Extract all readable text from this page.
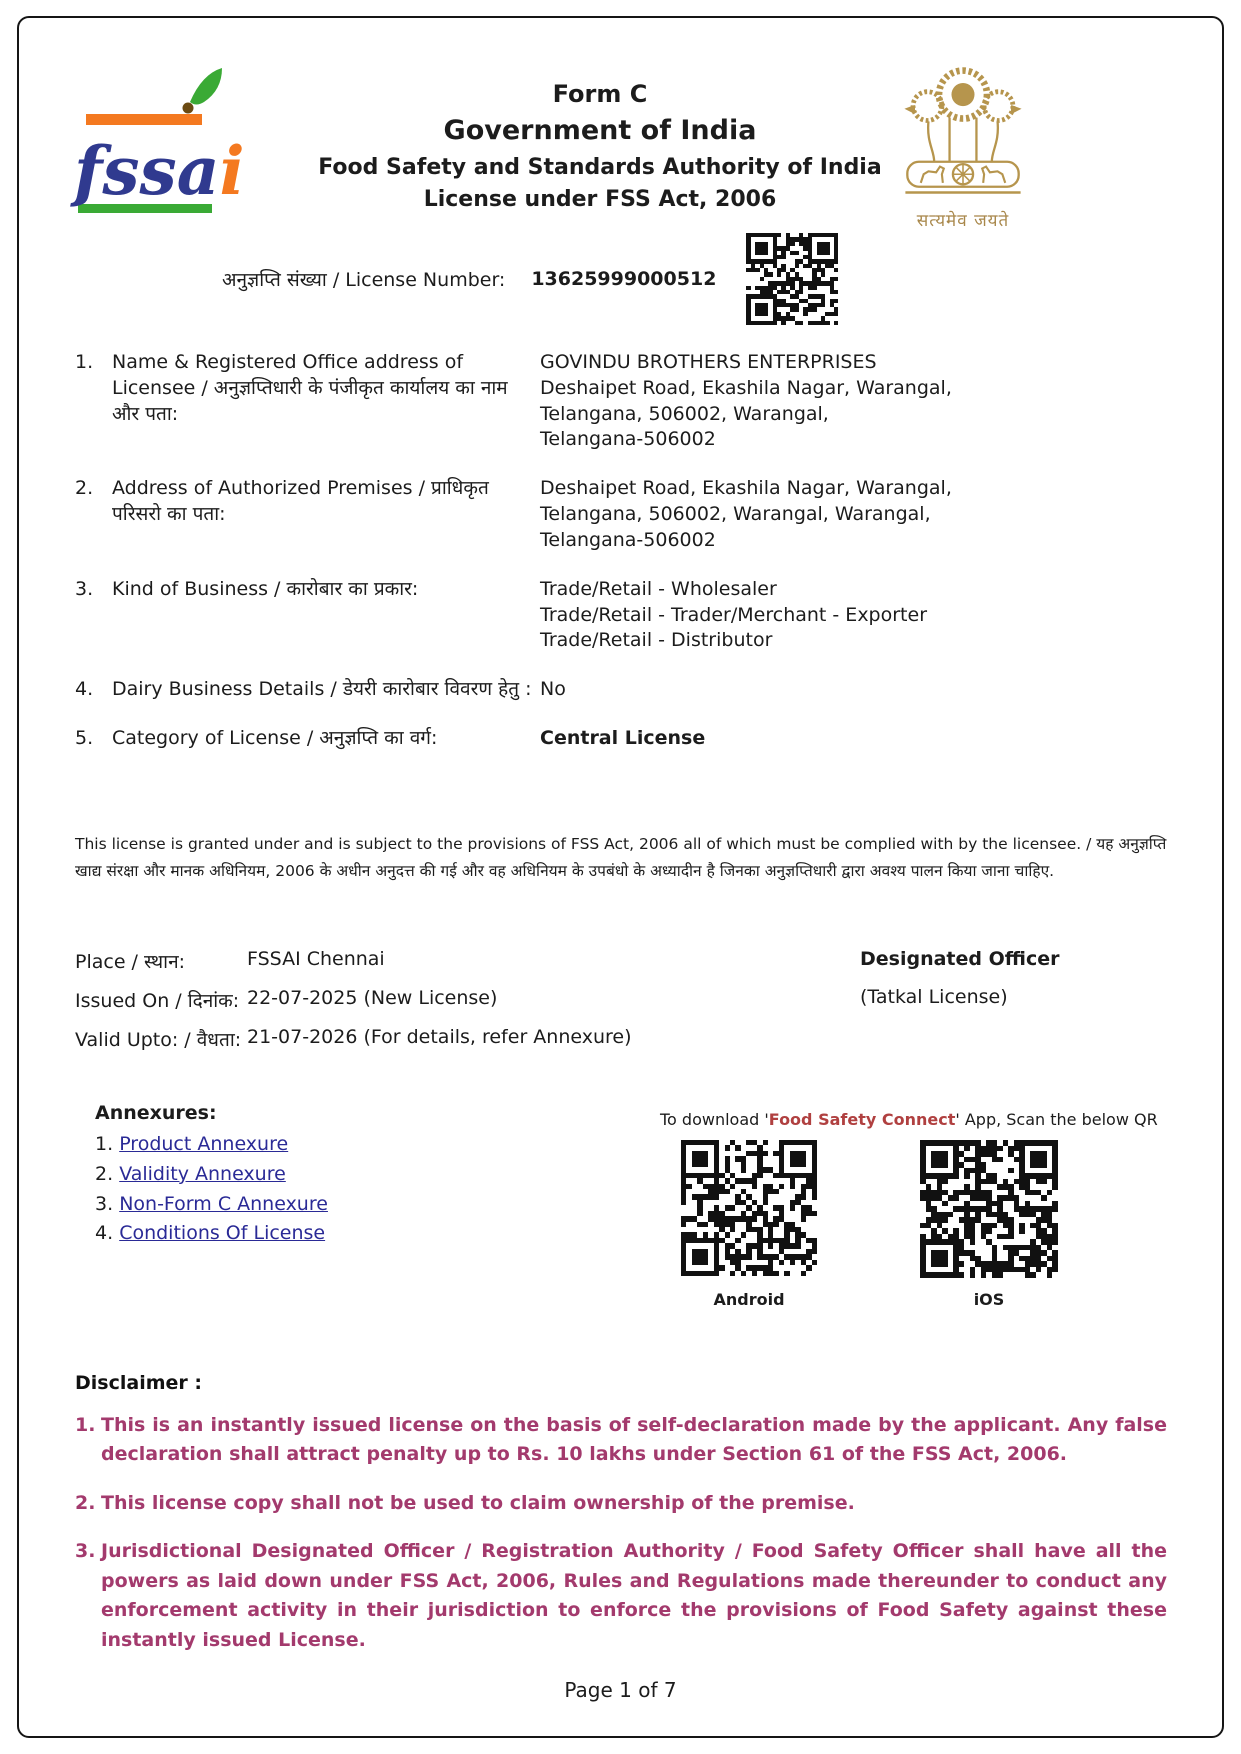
fssai
Form C
Government of India
Food Safety and Standards Authority of India
License under FSS Act, 2006
सत्यमेव जयते
अनुज्ञप्ति संख्या / License Number: 13625999000512
Name & Registered Office address of Licensee / अनुज्ञप्तिधारी के पंजीकृत कार्यालय का नाम और पता:
GOVINDU BROTHERS ENTERPRISES
Deshaipet Road, Ekashila Nagar, Warangal,
Telangana, 506002, Warangal,
Telangana-506002
Address of Authorized Premises / प्राधिकृत परिसरो का पता:
Deshaipet Road, Ekashila Nagar, Warangal,
Telangana, 506002, Warangal, Warangal,
Telangana-506002
Kind of Business / कारोबार का प्रकार:	Trade/Retail - Wholesaler
Trade/Retail - Trader/Merchant - Exporter
Trade/Retail - Distributor
Dairy Business Details / डेयरी कारोबार विवरण हेतु : No
Category of License / अनुज्ञप्ति का वर्ग:	Central License
This license is granted under and is subject to the provisions of FSS Act, 2006 all of which must be complied with by the licensee. / यह अनुज्ञप्ति खाद्य संरक्षा और मानक अधिनियम, 2006 के अधीन अनुदत्त की गई और वह अधिनियम के उपबंधो के अध्यादीन है जिनका अनुज्ञप्तिधारी द्वारा अवश्य पालन किया जाना चाहिए.
Place / स्थान:	FSSAI Chennai
Issued On / दिनांक: 22-07-2025 (New License)
Valid Upto: / वैधता: 21-07-2026 (For details, refer Annexure)
Designated Officer
(Tatkal License)
Annexures:
Product Annexure
Validity Annexure
Non-Form C Annexure
Conditions Of License
To download 'Food Safety Connect' App, Scan the below QR
Android	iOS
Disclaimer :
This is an instantly issued license on the basis of self-declaration made by the applicant. Any false declaration shall attract penalty up to Rs. 10 lakhs under Section 61 of the FSS Act, 2006.
This license copy shall not be used to claim ownership of the premise.
Jurisdictional Designated Officer / Registration Authority / Food Safety Officer shall have all the powers as laid down under FSS Act, 2006, Rules and Regulations made thereunder to conduct any enforcement activity in their jurisdiction to enforce the provisions of Food Safety against these instantly issued License.
Page 1 of 7
